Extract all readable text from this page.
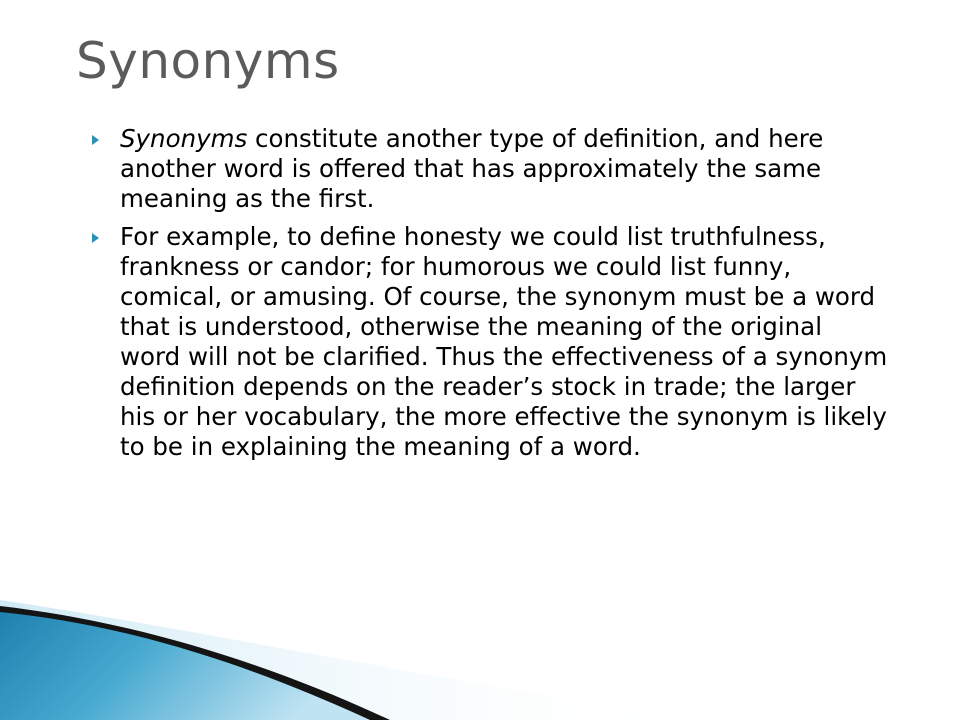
Synonyms
Synonyms constitute another type of definition, and here another word is offered that has approximately the same meaning as the first.
For example, to define honesty we could list truthfulness, frankness or candor; for humorous we could list funny, comical, or amusing. Of course, the synonym must be a word that is understood, otherwise the meaning of the original word will not be clarified. Thus the effectiveness of a synonym definition depends on the reader’s stock in trade; the larger his or her vocabulary, the more effective the synonym is likely to be in explaining the meaning of a word.
